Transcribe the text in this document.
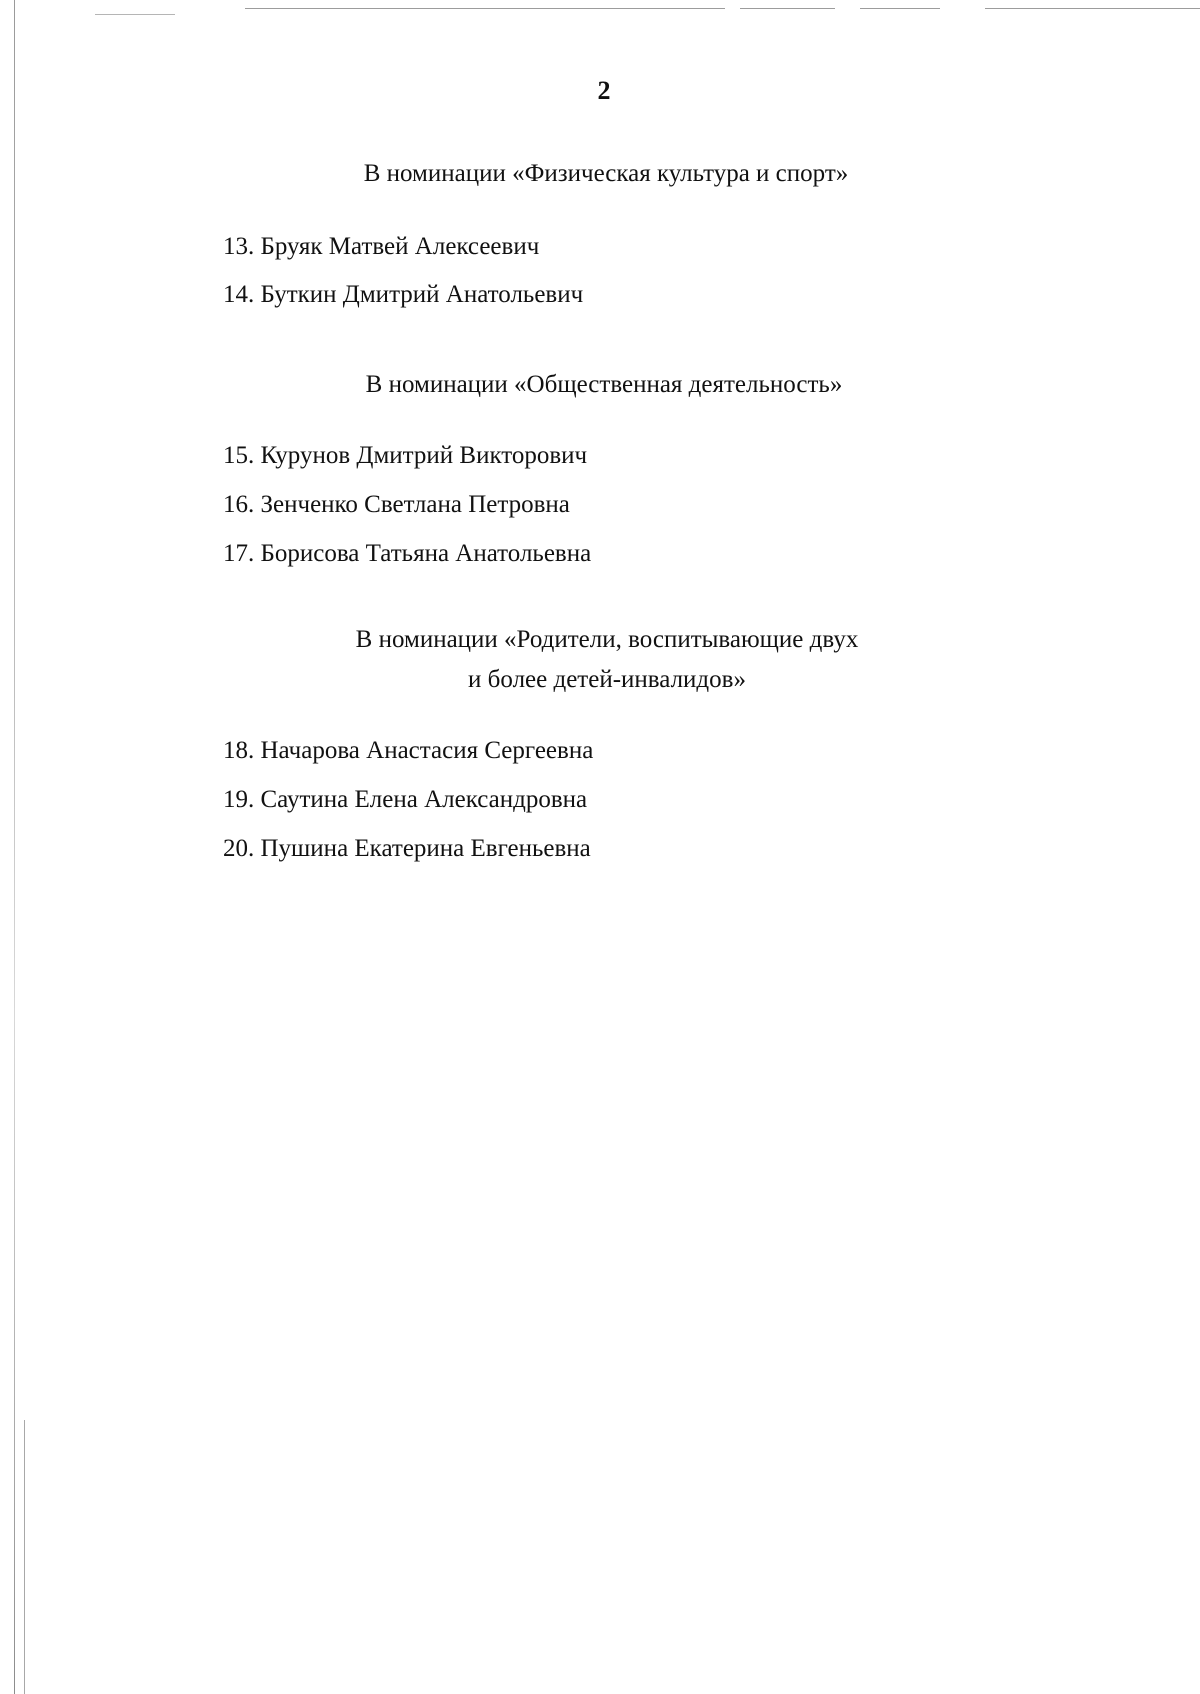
2
В номинации «Физическая культура и спорт»
13. Бруяк Матвей Алексеевич
14. Буткин Дмитрий Анатольевич
В номинации «Общественная деятельность»
15. Курунов Дмитрий Викторович
16. Зенченко Светлана Петровна
17. Борисова Татьяна Анатольевна
В номинации «Родители, воспитывающие двух
и более детей-инвалидов»
18. Начарова Анастасия Сергеевна
19. Саутина Елена Александровна
20. Пушина Екатерина Евгеньевна
